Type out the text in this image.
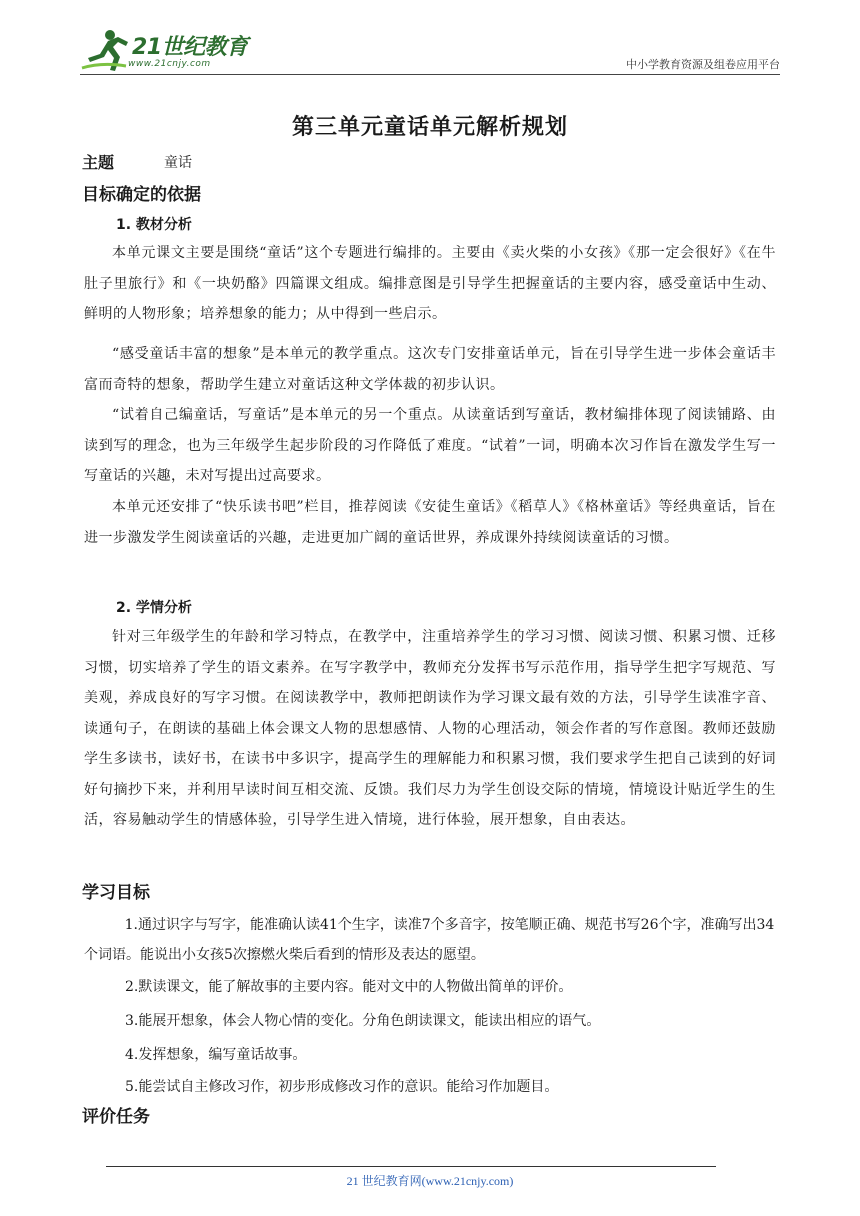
21世纪教育
www.21cnjy.com	中小学教育资源及组卷应用平台
第三单元童话单元解析规划
主题	童话
目标确定的依据
1. 教材分析

本单元课文主要是围绕“童话”这个专题进行编排的。主要由《卖火柴的小女孩》《那一定会很好》《在牛肚子里旅行》和《一块奶酪》四篇课文组成。编排意图是引导学生把握童话的主要内容，感受童话中生动、鲜明的人物形象；培养想象的能力；从中得到一些启示。

“感受童话丰富的想象”是本单元的教学重点。这次专门安排童话单元，旨在引导学生进一步体会童话丰富而奇特的想象，帮助学生建立对童话这种文学体裁的初步认识。

“试着自己编童话，写童话”是本单元的另一个重点。从读童话到写童话，教材编排体现了阅读铺路、由读到写的理念，也为三年级学生起步阶段的习作降低了难度。“试着”一词，明确本次习作旨在激发学生写一写童话的兴趣，未对写提出过高要求。

本单元还安排了“快乐读书吧”栏目，推荐阅读《安徒生童话》《稻草人》《格林童话》等经典童话，旨在进一步激发学生阅读童话的兴趣，走进更加广阔的童话世界，养成课外持续阅读童话的习惯。

2. 学情分析

针对三年级学生的年龄和学习特点，在教学中，注重培养学生的学习习惯、阅读习惯、积累习惯、迁移习惯，切实培养了学生的语文素养。在写字教学中，教师充分发挥书写示范作用，指导学生把字写规范、写美观，养成良好的写字习惯。在阅读教学中，教师把朗读作为学习课文最有效的方法，引导学生读准字音、读通句子，在朗读的基础上体会课文人物的思想感情、人物的心理活动，领会作者的写作意图。教师还鼓励学生多读书，读好书，在读书中多识字，提高学生的理解能力和积累习惯，我们要求学生把自己读到的好词好句摘抄下来，并利用早读时间互相交流、反馈。我们尽力为学生创设交际的情境，情境设计贴近学生的生活，容易触动学生的情感体验，引导学生进入情境，进行体验，展开想象，自由表达。

学习目标

1.通过识字与写字，能准确认读41个生字，读准7个多音字，按笔顺正确、规范书写26个字，准确写出34个词语。能说出小女孩5次擦燃火柴后看到的情形及表达的愿望。

2.默读课文，能了解故事的主要内容。能对文中的人物做出简单的评价。

3.能展开想象，体会人物心情的变化。分角色朗读课文，能读出相应的语气。

4.发挥想象，编写童话故事。

5.能尝试自主修改习作，初步形成修改习作的意识。能给习作加题目。

评价任务
21 世纪教育网(www.21cnjy.com)
